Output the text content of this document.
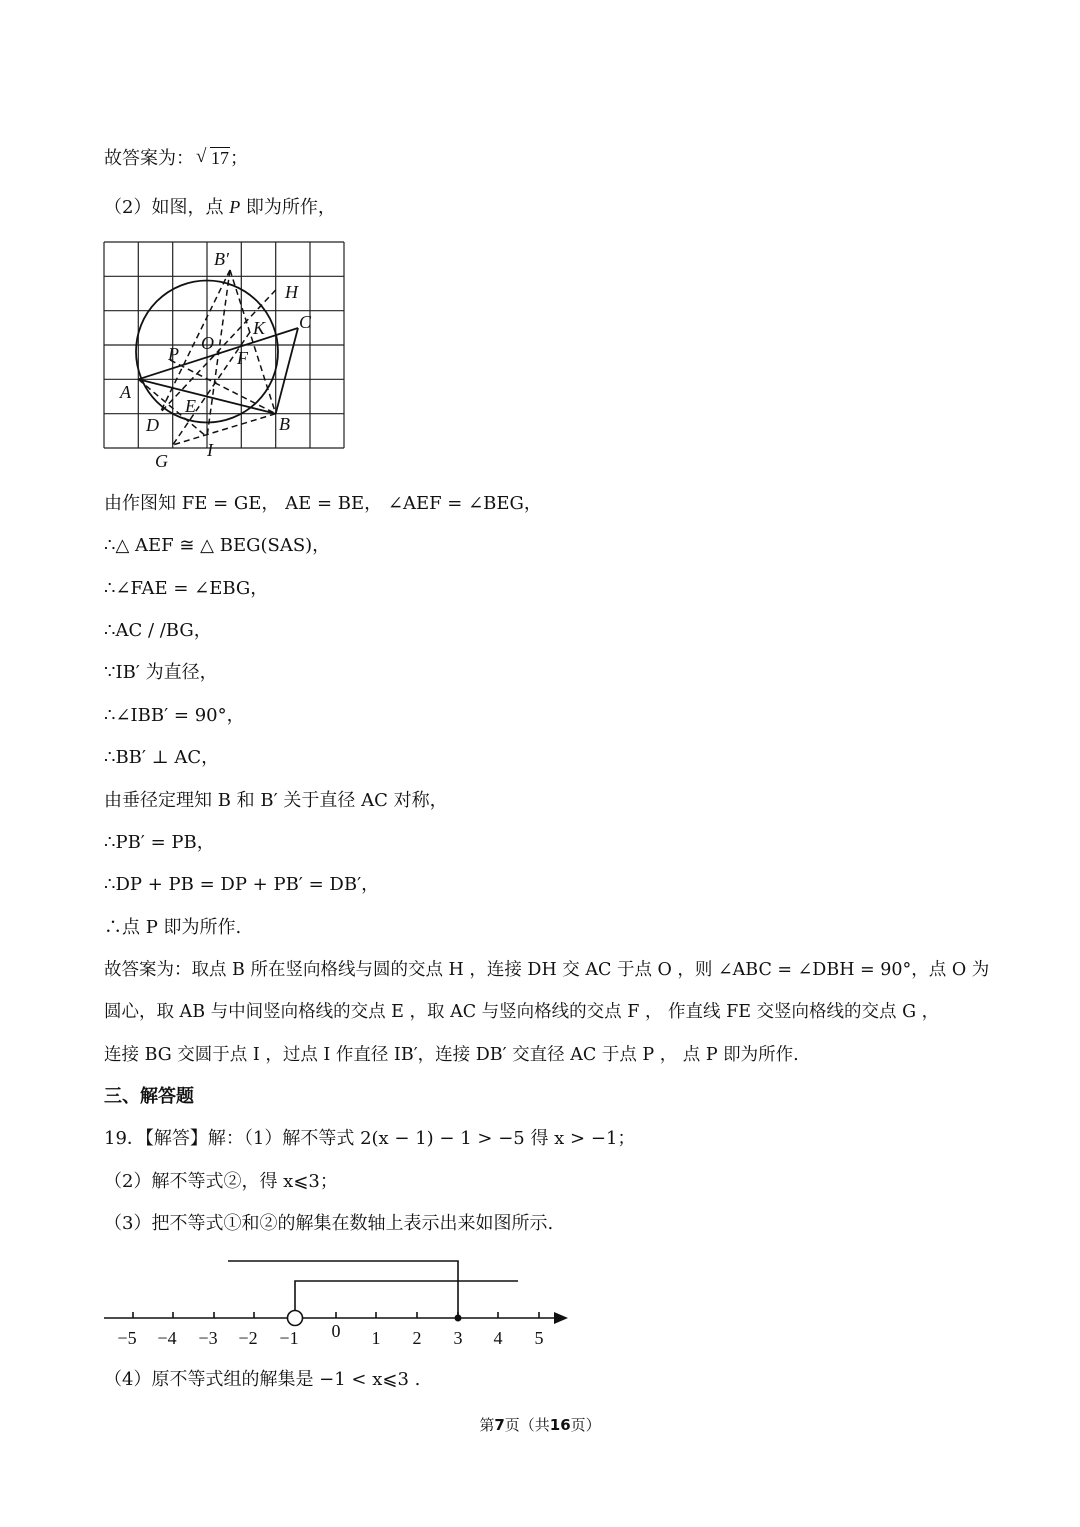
故答案为：√ 17；
（2）如图，点 P 即为所作，
B′
H
K C
O
P	F
A
E
D	B
G
I
由作图知 FE = GE， AE = BE， ∠AEF = ∠BEG，
∴△ AEF ≅ △ BEG(SAS)，
∴∠FAE = ∠EBG，
∴AC / /BG，
∵IB′ 为直径，
∴∠IBB′ = 90°，
∴BB′ ⊥ AC，
由垂径定理知 B 和 B′ 关于直径 AC 对称，
∴PB′ = PB，
∴DP + PB = DP + PB′ = DB′，
∴点 P 即为所作.
故答案为：取点 B 所在竖向格线与圆的交点 H ，连接 DH 交 AC 于点 O ，则 ∠ABC = ∠DBH = 90°，点 O 为
圆心，取 AB 与中间竖向格线的交点 E ，取 AC 与竖向格线的交点 F ， 作直线 FE 交竖向格线的交点 G ，
连接 BG 交圆于点 I ，过点 I 作直径 IB′，连接 DB′ 交直径 AC 于点 P ， 点 P 即为所作.
三、解答题
19．【解答】解：（1）解不等式 2(x − 1) − 1 > −5 得 x > −1；
（2）解不等式②，得 x⩽3；
（3）把不等式①和②的解集在数轴上表示出来如图所示.
−5 −4 −3 −2 −1 0 1 2 3 4 5
（4）原不等式组的解集是 −1 < x⩽3 .
第7页（共16页）
